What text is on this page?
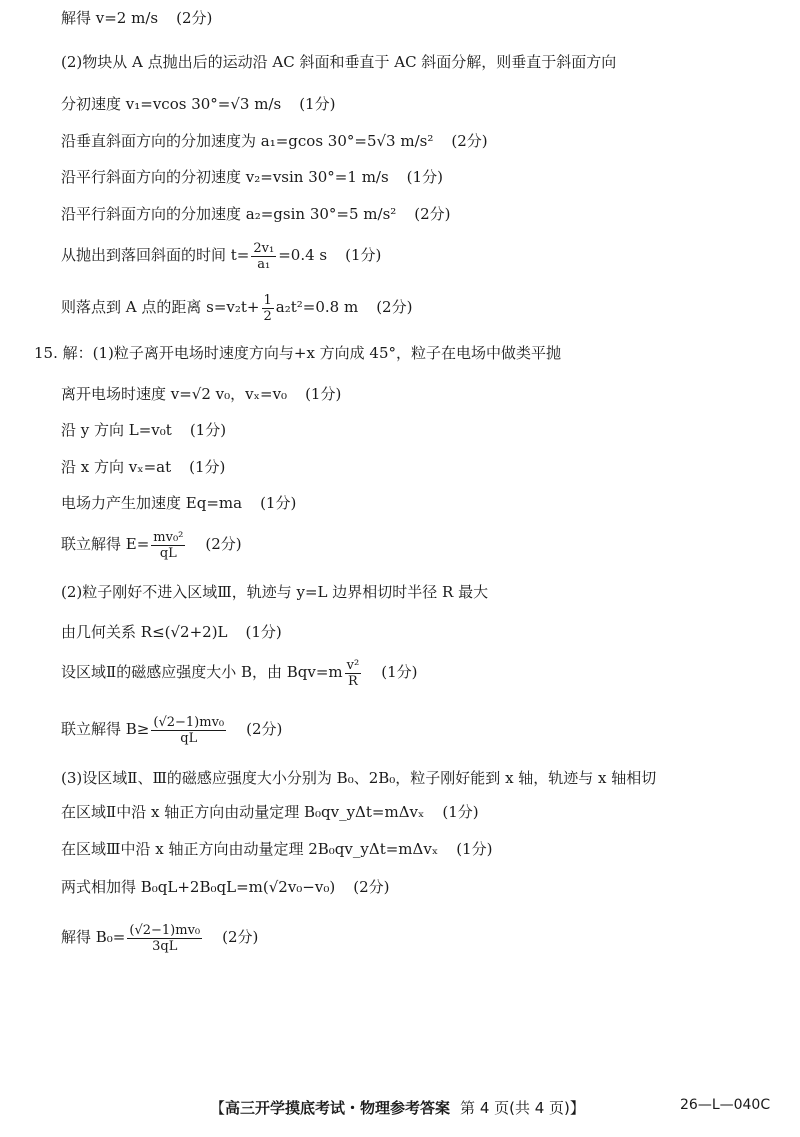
解得 v=2 m/s (2分)
(2)物块从 A 点抛出后的运动沿 AC 斜面和垂直于 AC 斜面分解，则垂直于斜面方向
分初速度 v₁=vcos 30°=√3 m/s (1分)
沿垂直斜面方向的分加速度为 a₁=gcos 30°=5√3 m/s² (2分)
沿平行斜面方向的分初速度 v₂=vsin 30°=1 m/s (1分)
沿平行斜面方向的分加速度 a₂=gsin 30°=5 m/s² (2分)
从抛出到落回斜面的时间 $t= \frac{\text{2v₁}}{\text{a₁}} =0.4$ s (1分)
则落点到 A 点的距离 $s=v_2t+ \frac{1}{2} a_2t^2=0.8$ m (2分)
15. 解：(1)粒子离开电场时速度方向与+x 方向成 45°，粒子在电场中做类平抛
离开电场时速度 v=√2 v₀，vₓ=v₀ (1分)
沿 y 方向 L=v₀t (1分)
沿 x 方向 vₓ=at (1分)
电场力产生加速度 Eq=ma (1分)
联立解得 $E= \frac{\text{mv₀²}}{qL} (2$分)
(2)粒子刚好不进入区域Ⅲ，轨迹与 y=L 边界相切时半径 R 最大
由几何关系 R≤(√2+2)L (1分)
设区域Ⅱ的磁感应强度大小 B，由 $Bqv=m \frac{\text{v²}}{R} (1$分)
联立解得 $B\ge \frac{\text{(√2−1)mv₀}}{qL} (2$分)
(3)设区域Ⅱ、Ⅲ的磁感应强度大小分别为 B₀、2B₀，粒子刚好能到 x 轴，轨迹与 x 轴相切
在区域Ⅱ中沿 x 轴正方向由动量定理 B₀qv_yΔt=mΔvₓ (1分)
在区域Ⅲ中沿 x 轴正方向由动量定理 2B₀qv_yΔt=mΔvₓ (1分)
两式相加得 B₀qL+2B₀qL=m(√2v₀−v₀) (2分)
解得 $B_0= \frac{\text{(√2−1)mv₀}}{3qL} (2$分)
【高三开学摸底考试・物理参考答案 第 4 页(共 4 页)】	26—L—040C
